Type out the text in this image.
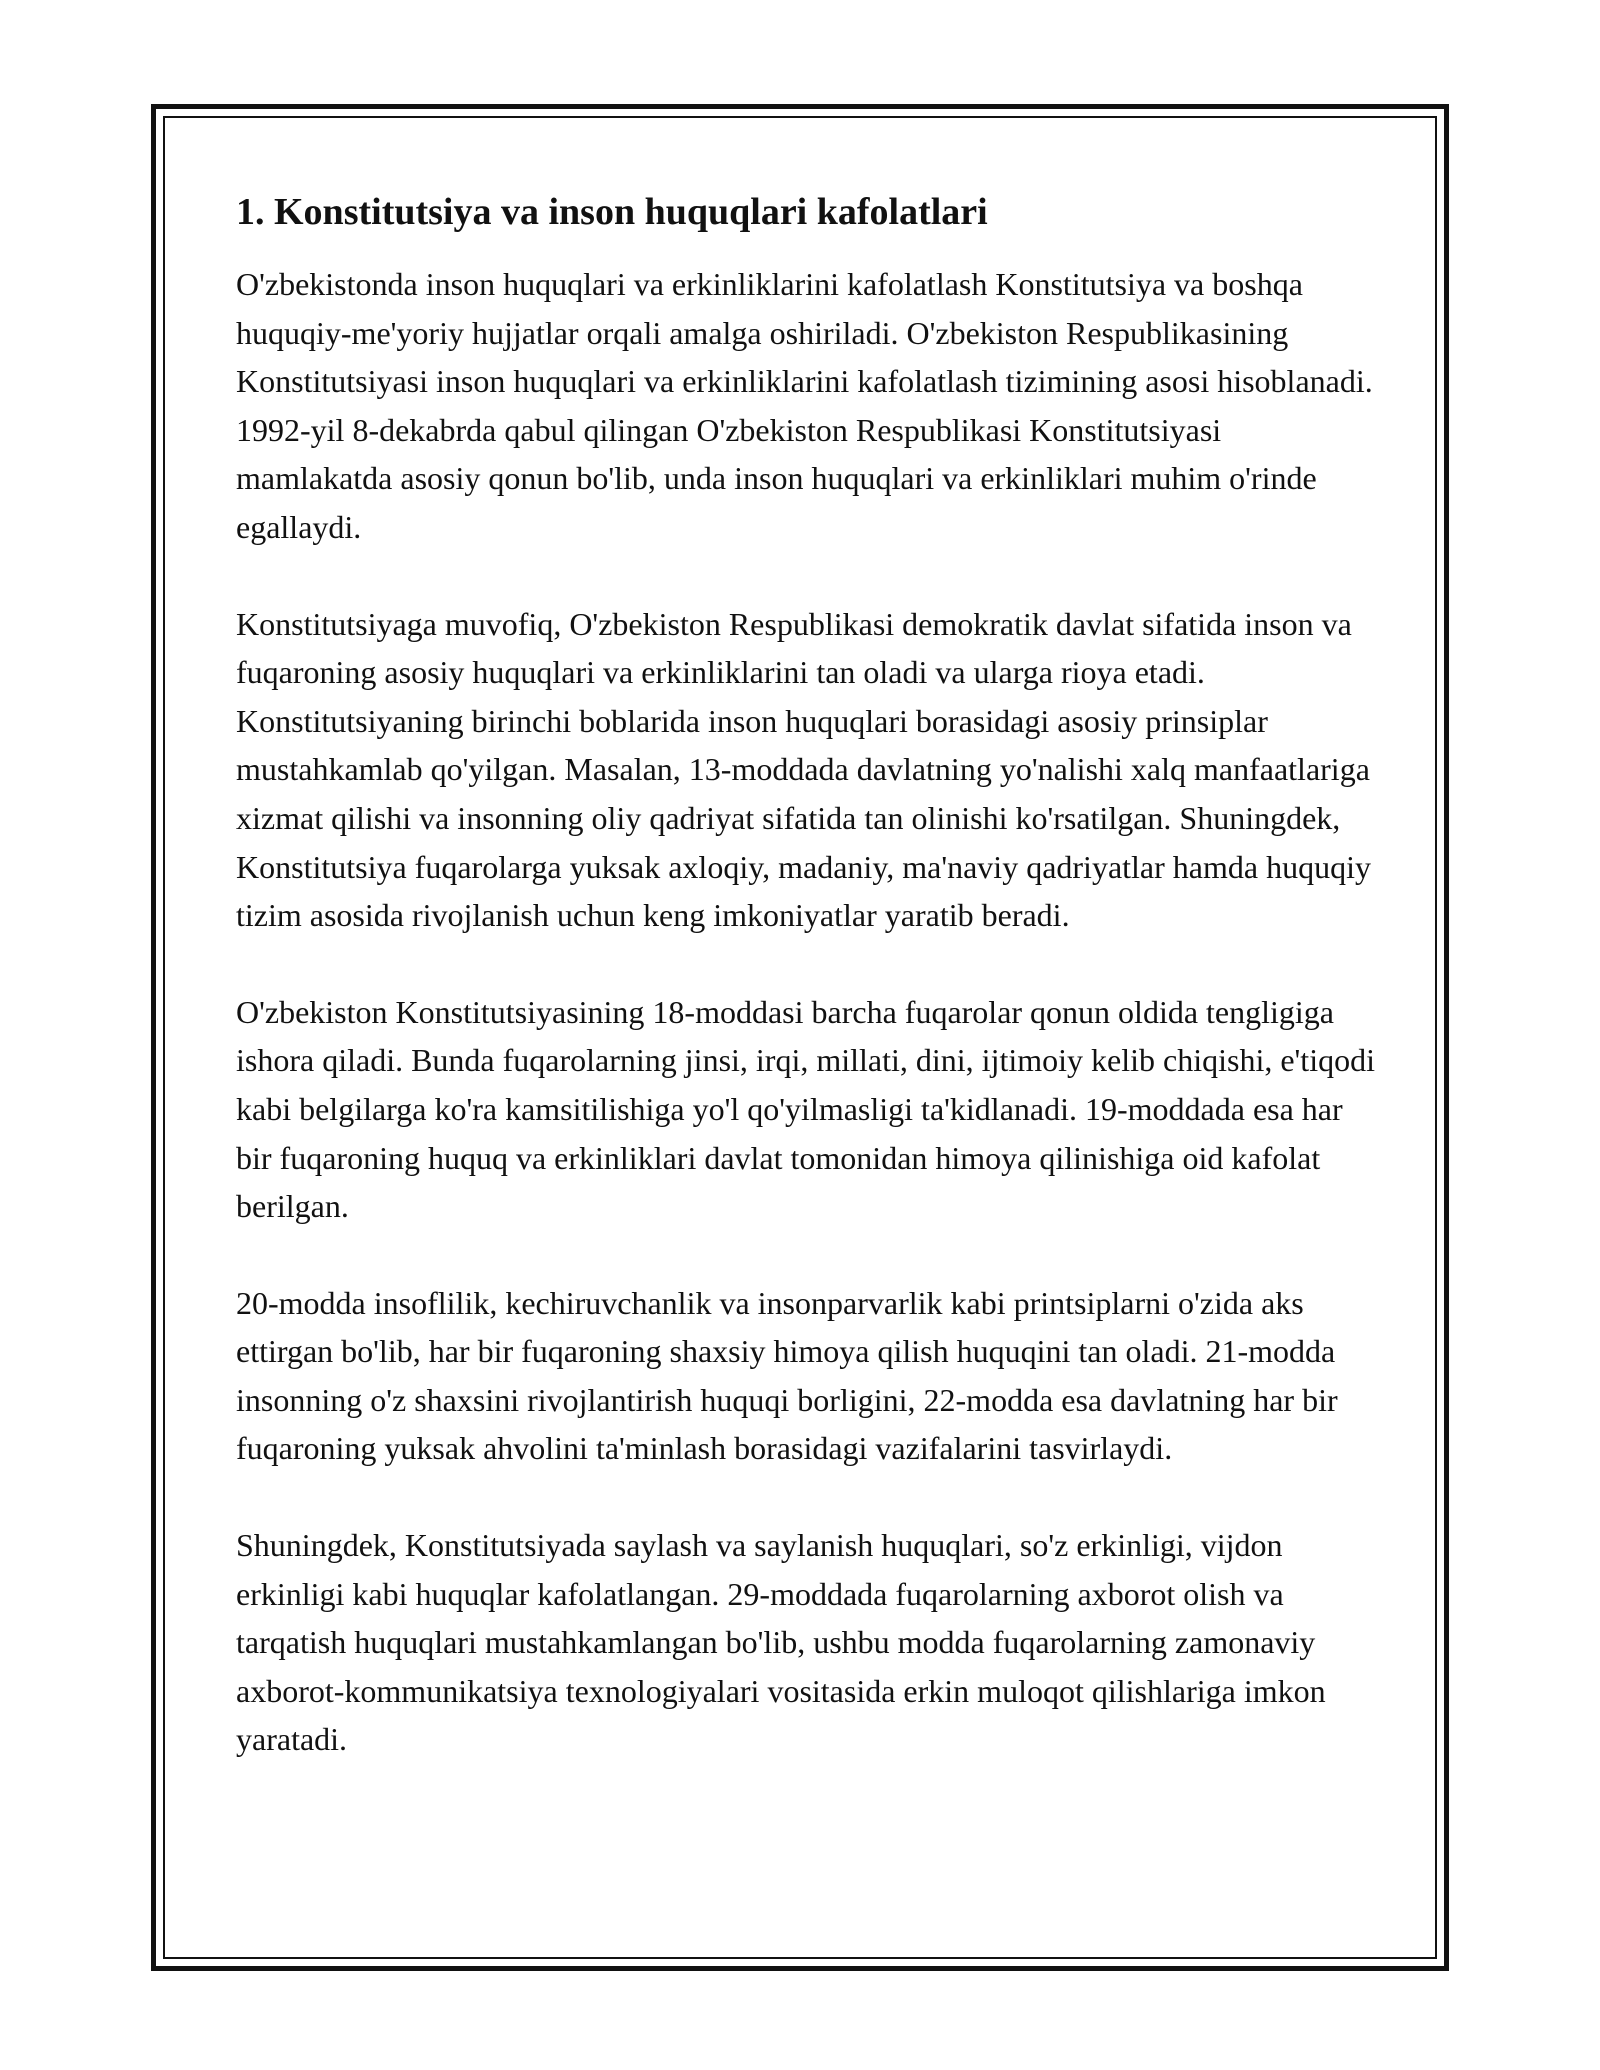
1. Konstitutsiya va inson huquqlari kafolatlari

O'zbekistonda inson huquqlari va erkinliklarini kafolatlash Konstitutsiya va boshqa huquqiy-me'yoriy hujjatlar orqali amalga oshiriladi. O'zbekiston Respublikasining Konstitutsiyasi inson huquqlari va erkinliklarini kafolatlash tizimining asosi hisoblanadi. 1992-yil 8-dekabrda qabul qilingan O'zbekiston Respublikasi Konstitutsiyasi mamlakatda asosiy qonun bo'lib, unda inson huquqlari va erkinliklari muhim o'rinde egallaydi.

Konstitutsiyaga muvofiq, O'zbekiston Respublikasi demokratik davlat sifatida inson va fuqaroning asosiy huquqlari va erkinliklarini tan oladi va ularga rioya etadi. Konstitutsiyaning birinchi boblarida inson huquqlari borasidagi asosiy prinsiplar mustahkamlab qo'yilgan. Masalan, 13-moddada davlatning yo'nalishi xalq manfaatlariga xizmat qilishi va insonning oliy qadriyat sifatida tan olinishi ko'rsatilgan. Shuningdek, Konstitutsiya fuqarolarga yuksak axloqiy, madaniy, ma'naviy qadriyatlar hamda huquqiy tizim asosida rivojlanish uchun keng imkoniyatlar yaratib beradi.

O'zbekiston Konstitutsiyasining 18-moddasi barcha fuqarolar qonun oldida tengligiga ishora qiladi. Bunda fuqarolarning jinsi, irqi, millati, dini, ijtimoiy kelib chiqishi, e'tiqodi kabi belgilarga ko'ra kamsitilishiga yo'l qo'yilmasligi ta'kidlanadi. 19-moddada esa har bir fuqaroning huquq va erkinliklari davlat tomonidan himoya qilinishiga oid kafolat berilgan.

20-modda insoflilik, kechiruvchanlik va insonparvarlik kabi printsiplarni o'zida aks ettirgan bo'lib, har bir fuqaroning shaxsiy himoya qilish huquqini tan oladi. 21-modda insonning o'z shaxsini rivojlantirish huquqi borligini, 22-modda esa davlatning har bir fuqaroning yuksak ahvolini ta'minlash borasidagi vazifalarini tasvirlaydi.

Shuningdek, Konstitutsiyada saylash va saylanish huquqlari, so'z erkinligi, vijdon erkinligi kabi huquqlar kafolatlangan. 29-moddada fuqarolarning axborot olish va tarqatish huquqlari mustahkamlangan bo'lib, ushbu modda fuqarolarning zamonaviy axborot-kommunikatsiya texnologiyalari vositasida erkin muloqot qilishlariga imkon yaratadi.
